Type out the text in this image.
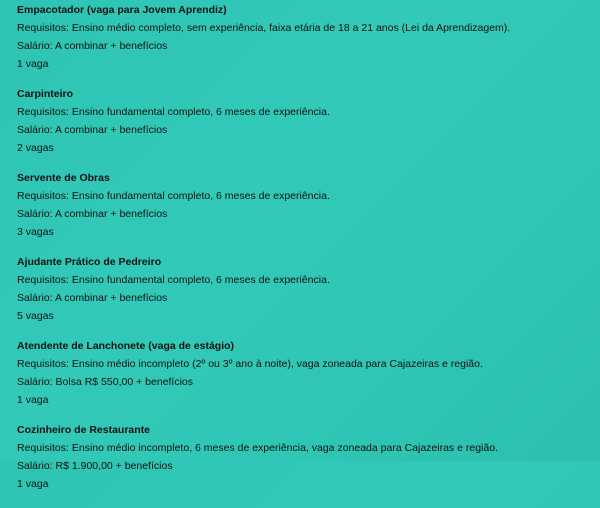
Empacotador (vaga para Jovem Aprendiz)
Requisitos: Ensino médio completo, sem experiência, faixa etária de 18 a 21 anos (Lei da Aprendizagem).
Salário: A combinar + benefícios
1 vaga
Carpinteiro
Requisitos: Ensino fundamental completo, 6 meses de experiência.
Salário: A combinar + benefícios
2 vagas
Servente de Obras
Requisitos: Ensino fundamental completo, 6 meses de experiência.
Salário: A combinar + benefícios
3 vagas
Ajudante Prático de Pedreiro
Requisitos: Ensino fundamental completo, 6 meses de experiência.
Salário: A combinar + benefícios
5 vagas
Atendente de Lanchonete (vaga de estágio)
Requisitos: Ensino médio incompleto (2º ou 3º ano à noite), vaga zoneada para Cajazeiras e região.
Salário: Bolsa R$ 550,00 + benefícios
1 vaga
Cozinheiro de Restaurante
Requisitos: Ensino médio incompleto, 6 meses de experiência, vaga zoneada para Cajazeiras e região.
Salário: R$ 1.900,00 + benefícios
1 vaga
